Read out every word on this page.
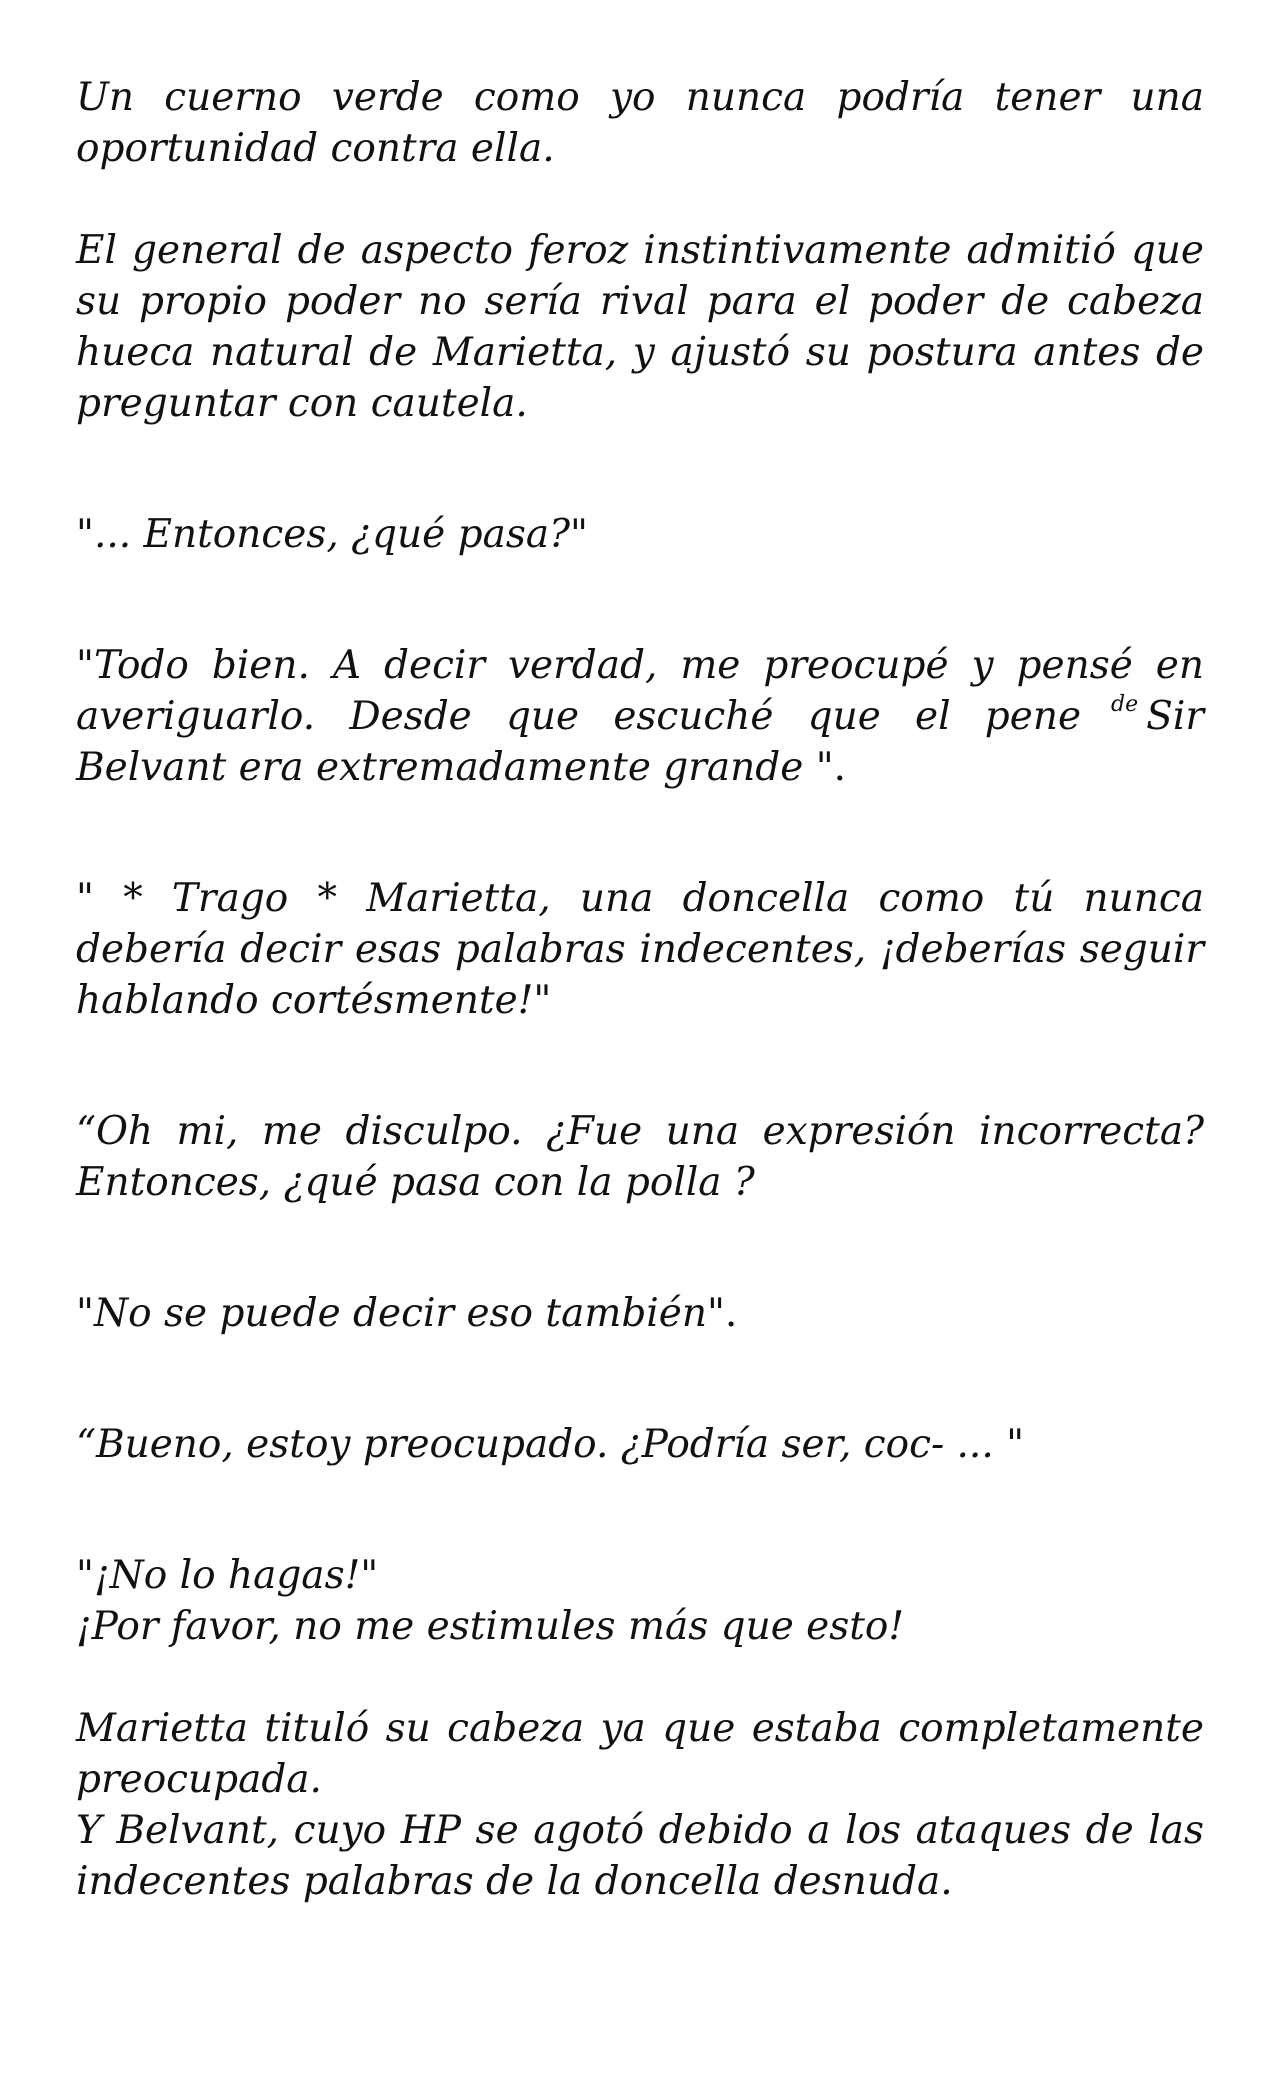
Un cuerno verde como yo nunca podría tener una oportunidad contra ella.

El general de aspecto feroz instintivamente admitió que su propio poder no sería rival para el poder de cabeza hueca natural de Marietta, y ajustó su postura antes de preguntar con cautela.

"... Entonces, ¿qué pasa?"

"Todo bien. A decir verdad, me preocupé y pensé en averiguarlo. Desde que escuché que el pene $^{de}$ Sir Belvant era extremadamente grande ".

" * Trago * Marietta, una doncella como tú nunca debería decir esas palabras indecentes, ¡deberías seguir hablando cortésmente!"

“Oh mi, me disculpo. ¿Fue una expresión incorrecta? Entonces, ¿qué pasa con la polla ?

"No se puede decir eso también".

“Bueno, estoy preocupado. ¿Podría ser, coc- ... "

"¡No lo hagas!"

¡Por favor, no me estimules más que esto!

Marietta tituló su cabeza ya que estaba completamente preocupada.

Y Belvant, cuyo HP se agotó debido a los ataques de las indecentes palabras de la doncella desnuda.
